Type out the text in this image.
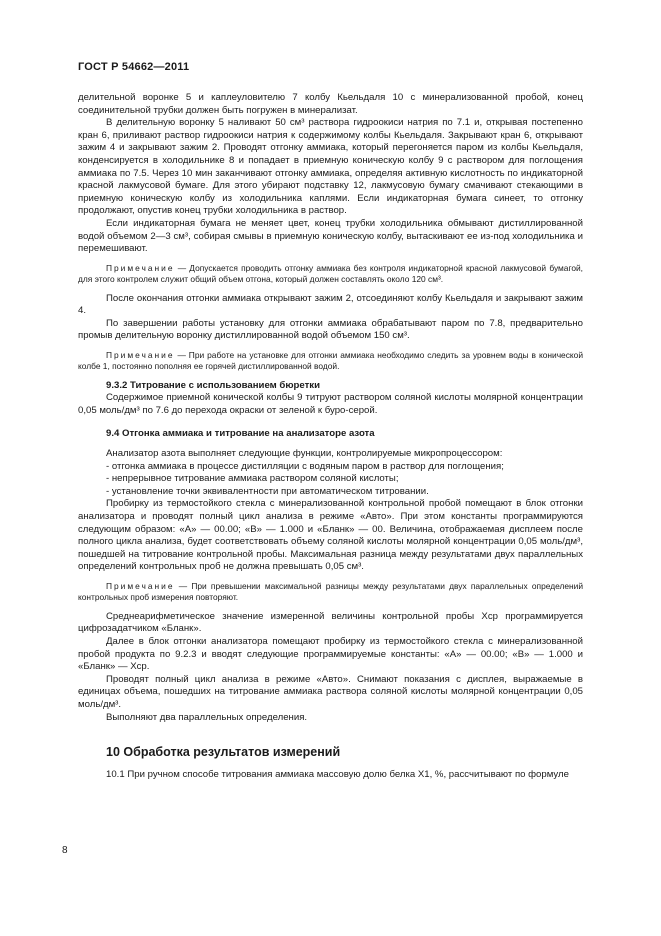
ГОСТ Р 54662—2011

делительной воронке 5 и каплеуловителю 7 колбу Кьельдаля 10 с минерализованной пробой, конец соединительной трубки должен быть погружен в минерализат.

В делительную воронку 5 наливают 50 см³ раствора гидроокиси натрия по 7.1 и, открывая постепенно кран 6, приливают раствор гидроокиси натрия к содержимому колбы Кьельдаля. Закрывают кран 6, открывают зажим 4 и закрывают зажим 2. Проводят отгонку аммиака, который перегоняется паром из колбы Кьельдаля, конденсируется в холодильнике 8 и попадает в приемную коническую колбу 9 с раствором для поглощения аммиака по 7.5. Через 10 мин заканчивают отгонку аммиака, определяя активную кислотность по индикаторной красной лакмусовой бумаге. Для этого убирают подставку 12, лакмусовую бумагу смачивают стекающими в приемную коническую колбу из холодильника каплями. Если индикаторная бумага синеет, то отгонку продолжают, опустив конец трубки холодильника в раствор.

Если индикаторная бумага не меняет цвет, конец трубки холодильника обмывают дистиллированной водой объемом 2—3 см³, собирая смывы в приемную коническую колбу, вытаскивают ее из-под холодильника и перемешивают.

Примечание — Допускается проводить отгонку аммиака без контроля индикаторной красной лакмусовой бумагой, для этого контролем служит общий объем отгона, который должен составлять около 120 см³.

После окончания отгонки аммиака открывают зажим 2, отсоединяют колбу Кьельдаля и закрывают зажим 4.

По завершении работы установку для отгонки аммиака обрабатывают паром по 7.8, предварительно промыв делительную воронку дистиллированной водой объемом 150 см³.

Примечание — При работе на установке для отгонки аммиака необходимо следить за уровнем воды в конической колбе 1, постоянно пополняя ее горячей дистиллированной водой.

9.3.2 Титрование с использованием бюретки

Содержимое приемной конической колбы 9 титруют раствором соляной кислоты молярной концентрации 0,05 моль/дм³ по 7.6 до перехода окраски от зеленой к буро-серой.

9.4 Отгонка аммиака и титрование на анализаторе азота

Анализатор азота выполняет следующие функции, контролируемые микропроцессором:

- отгонка аммиака в процессе дистилляции с водяным паром в раствор для поглощения;

- непрерывное титрование аммиака раствором соляной кислоты;

- установление точки эквивалентности при автоматическом титровании.

Пробирку из термостойкого стекла с минерализованной контрольной пробой помещают в блок отгонки анализатора и проводят полный цикл анализа в режиме «Авто». При этом константы программируются следующим образом: «А» — 00.00; «В» — 1.000 и «Бланк» — 00. Величина, отображаемая дисплеем после полного цикла анализа, будет соответствовать объему соляной кислоты молярной концентрации 0,05 моль/дм³, пошедшей на титрование контрольной пробы. Максимальная разница между результатами двух параллельных определений контрольных проб не должна превышать 0,05 см³.

Примечание — При превышении максимальной разницы между результатами двух параллельных определений контрольных проб измерения повторяют.

Среднеарифметическое значение измеренной величины контрольной пробы Xср программируется цифрозадатчиком «Бланк».

Далее в блок отгонки анализатора помещают пробирку из термостойкого стекла с минерализованной пробой продукта по 9.2.3 и вводят следующие программируемые константы: «А» — 00.00; «В» — 1.000 и «Бланк» — Xср.

Проводят полный цикл анализа в режиме «Авто». Снимают показания с дисплея, выражаемые в единицах объема, пошедших на титрование аммиака раствора соляной кислоты молярной концентрации 0,05 моль/дм³.

Выполняют два параллельных определения.

10 Обработка результатов измерений

10.1 При ручном способе титрования аммиака массовую долю белка X1, %, рассчитывают по формуле

8
